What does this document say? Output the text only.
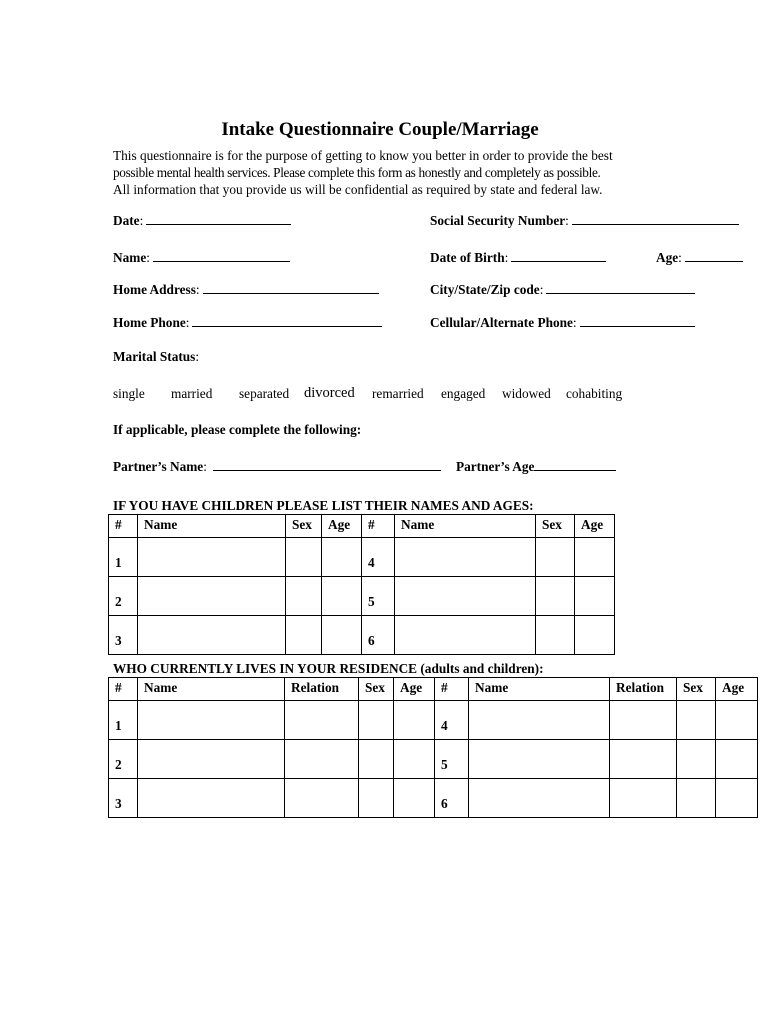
Intake Questionnaire Couple/Marriage
This questionnaire is for the purpose of getting to know you better in order to provide the best
possible mental health services. Please complete this form as honestly and completely as possible.
All information that you provide us will be confidential as required by state and federal law.
Date:	Social Security Number:
Name:	Date of Birth:	Age:
Home Address:	City/State/Zip code:
Home Phone:	Cellular/Alternate Phone:
Marital Status:
single married separated divorced remarried engaged widowed cohabiting
If applicable, please complete the following:
Partner’s Name:	Partner’s Age
IF YOU HAVE CHILDREN PLEASE LIST THEIR NAMES AND AGES:
#	Name	Sex	Age	#	Name	Sex	Age
1				4			
2				5			
3				6			
WHO CURRENTLY LIVES IN YOUR RESIDENCE (adults and children):
#	Name	Relation	Sex	Age	#	Name	Relation	Sex	Age
1					4				
2					5				
3					6				
